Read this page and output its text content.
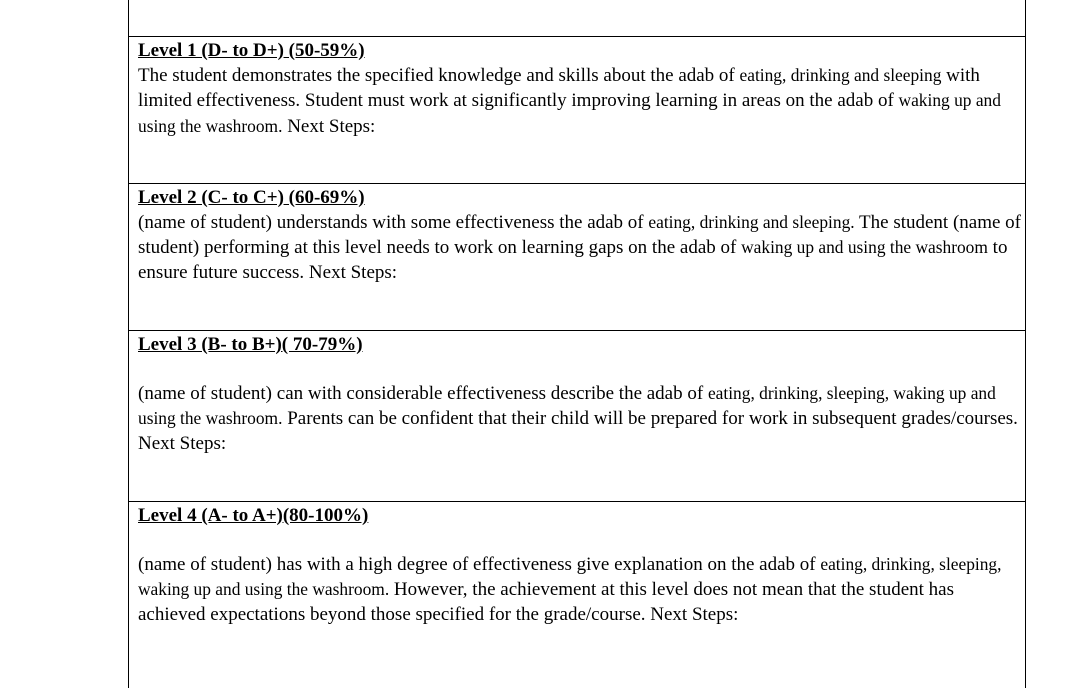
Level 1 (D- to D+) (50-59%)
The student demonstrates the specified knowledge and skills about the adab of eating, drinking and sleeping with limited effectiveness. Student must work at significantly improving learning in areas on the adab of waking up and using the washroom. Next Steps:
Level 2 (C- to C+) (60-69%)
(name of student) understands with some effectiveness the adab of eating, drinking and sleeping. The student (name of student) performing at this level needs to work on learning gaps on the adab of waking up and using the washroom to ensure future success. Next Steps:
Level 3 (B- to B+)( 70-79%)
(name of student) can with considerable effectiveness describe the adab of eating, drinking, sleeping, waking up and using the washroom. Parents can be confident that their child will be prepared for work in subsequent grades/courses. Next Steps:
Level 4 (A- to A+)(80-100%)
(name of student) has with a high degree of effectiveness give explanation on the adab of eating, drinking, sleeping, waking up and using the washroom. However, the achievement at this level does not mean that the student has achieved expectations beyond those specified for the grade/course. Next Steps:
